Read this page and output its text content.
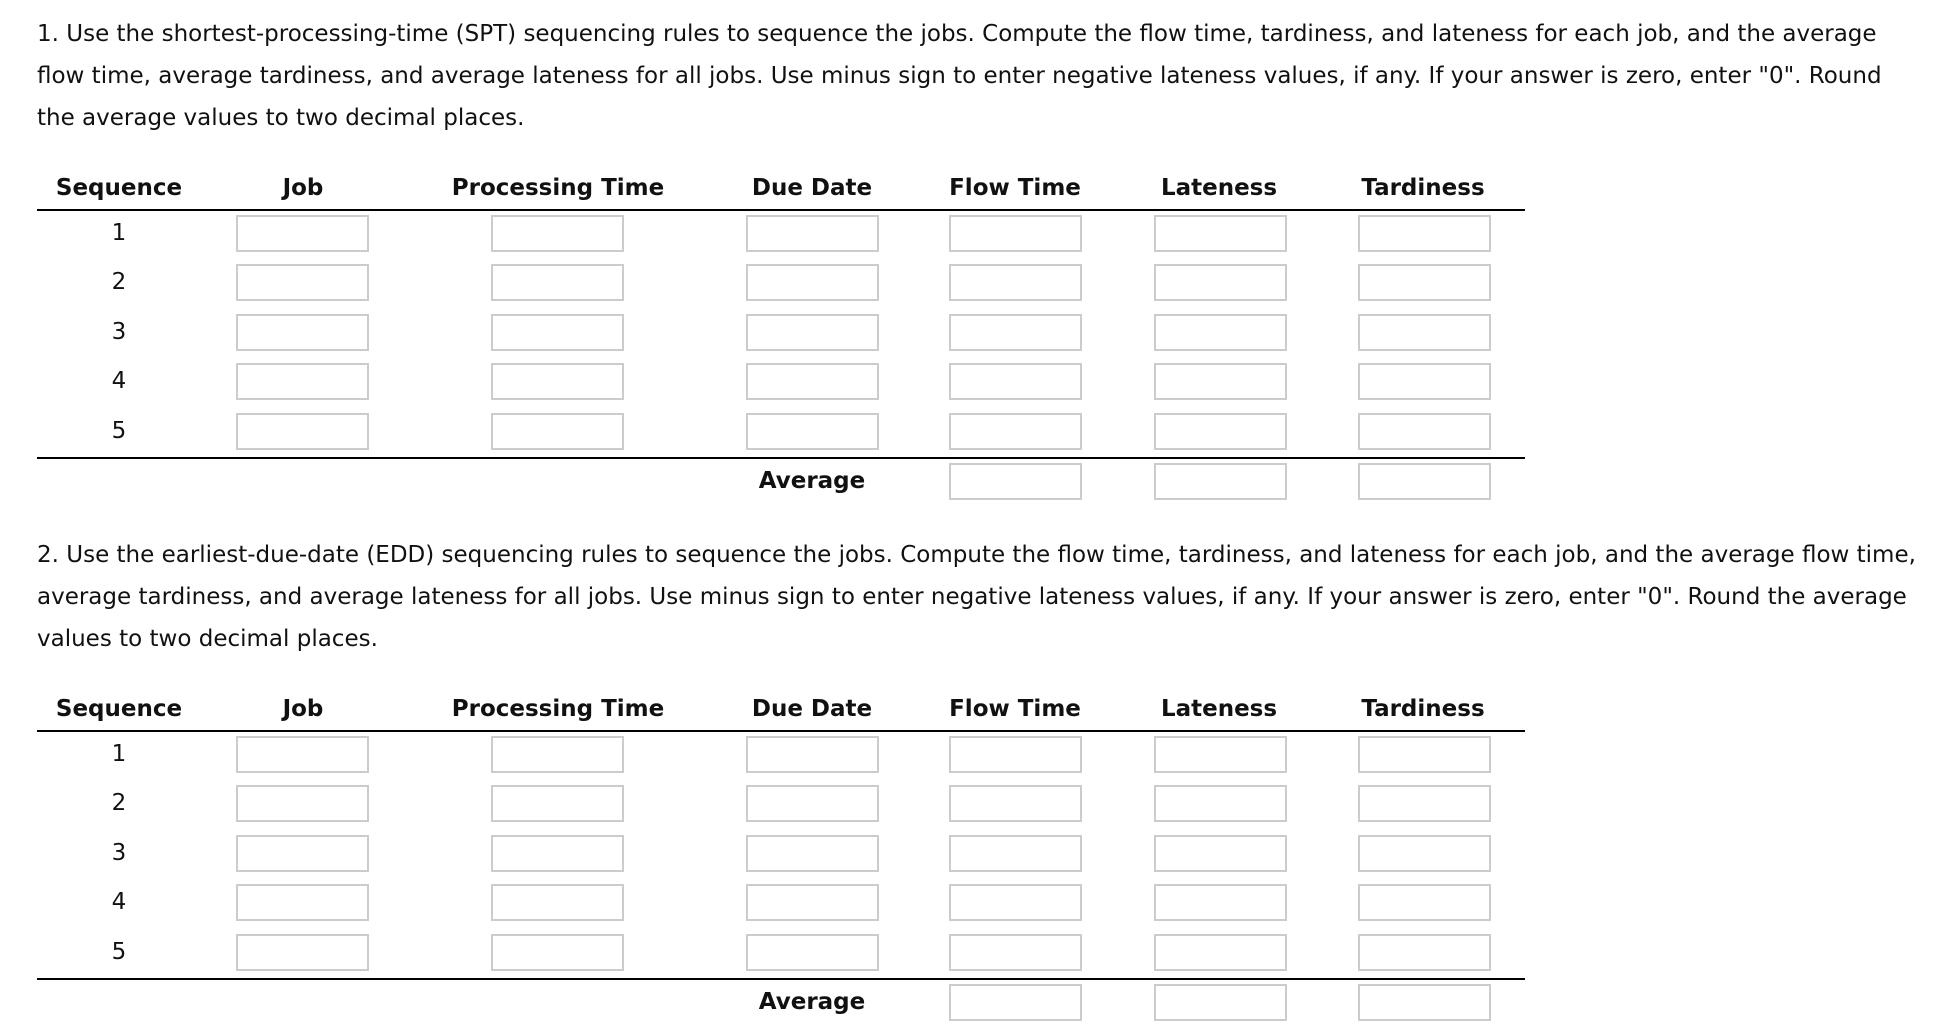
1. Use the shortest-processing-time (SPT) sequencing rules to sequence the jobs. Compute the flow time, tardiness, and lateness for each job, and the average flow time, average tardiness, and average lateness for all jobs. Use minus sign to enter negative lateness values, if any. If your answer is zero, enter "0". Round the average values to two decimal places.

Sequence	Job	Processing Time	Due Date	Flow Time	Lateness	Tardiness
1
2
3
4
5
Average

2. Use the earliest-due-date (EDD) sequencing rules to sequence the jobs. Compute the flow time, tardiness, and lateness for each job, and the average flow time, average tardiness, and average lateness for all jobs. Use minus sign to enter negative lateness values, if any. If your answer is zero, enter "0". Round the average values to two decimal places.

Sequence	Job	Processing Time	Due Date	Flow Time	Lateness	Tardiness
1
2
3
4
5
Average
